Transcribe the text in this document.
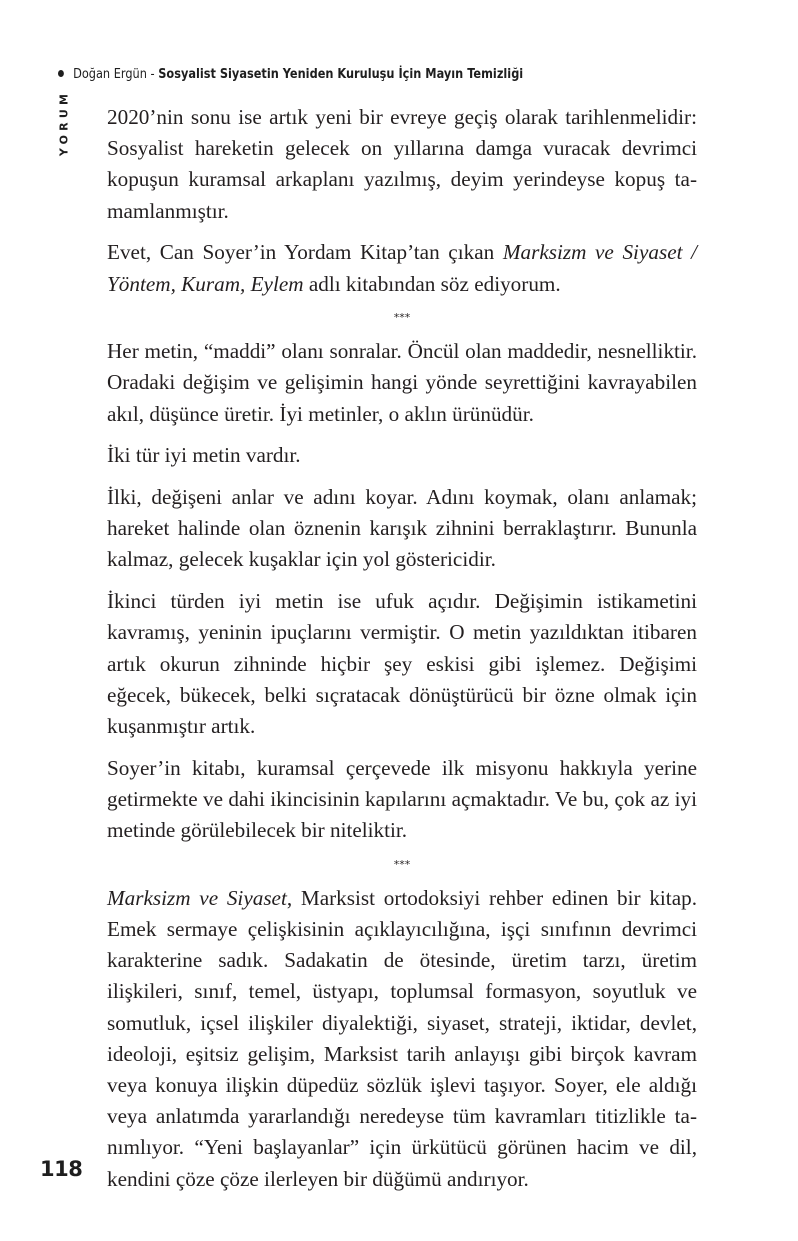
Doğan Ergün - Sosyalist Siyasetin Yeniden Kuruluşu İçin Mayın Temizliği
YORUM 2020’nin sonu ise artık yeni bir evreye geçiş olarak tarihlenmelidir: Sosyalist hareketin gelecek on yıllarına damga vuracak devrimci kopuşun kuramsal arkaplanı yazılmış, deyim yerindeyse kopuş tamamlanmıştır.

Evet, Can Soyer’in Yordam Kitap’tan çıkan Marksizm ve Siyaset / Yöntem, Kuram, Eylem adlı kitabından söz ediyorum.

***

Her metin, “maddi” olanı sonralar. Öncül olan maddedir, nesnelliktir. Oradaki değişim ve gelişimin hangi yönde seyrettiğini kavrayabilen akıl, düşünce üretir. İyi metinler, o aklın ürünüdür.

İki tür iyi metin vardır.

İlki, değişeni anlar ve adını koyar. Adını koymak, olanı anlamak; hareket halinde olan öznenin karışık zihnini berraklaştırır. Bununla kalmaz, gelecek kuşaklar için yol göstericidir.

İkinci türden iyi metin ise ufuk açıdır. Değişimin istikametini kavramış, yeninin ipuçlarını vermiştir. O metin yazıldıktan itibaren artık okurun zihninde hiçbir şey eskisi gibi işlemez. Değişimi eğecek, bükecek, belki sıçratacak dönüştürücü bir özne olmak için kuşanmıştır artık.

Soyer’in kitabı, kuramsal çerçevede ilk misyonu hakkıyla yerine getirmekte ve dahi ikincisinin kapılarını açmaktadır. Ve bu, çok az iyi metinde görülebilecek bir niteliktir.

***

Marksizm ve Siyaset, Marksist ortodoksiyi rehber edinen bir kitap. Emek sermaye çelişkisinin açıklayıcılığına, işçi sınıfının devrimci karakterine sadık. Sadakatin de ötesinde, üretim tarzı, üretim ilişkileri, sınıf, temel, üstyapı, toplumsal formasyon, soyutluk ve somutluk, içsel ilişkiler diyalektiği, siyaset, strateji, iktidar, devlet, ideoloji, eşitsiz gelişim, Marksist tarih anlayışı gibi birçok kavram veya konuya ilişkin düpedüz sözlük işlevi taşıyor. Soyer, ele aldığı veya anlatımda yararlandığı neredeyse tüm kavramları titizlikle tanımlıyor. “Yeni başlayanlar” için ürkütücü görünen hacim ve dil, kendini çöze çöze ilerleyen bir düğümü andırıyor.

118
